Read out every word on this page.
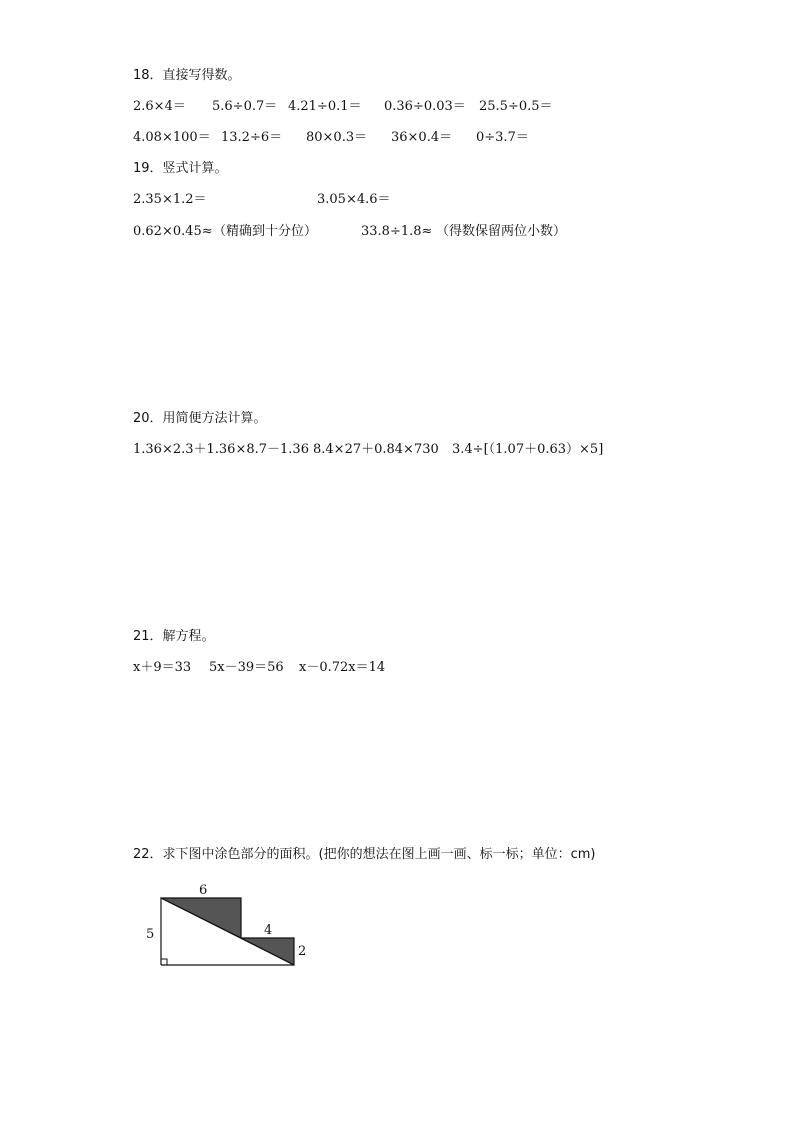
18．直接写得数。
2.6×4＝ 5.6÷0.7＝ 4.21÷0.1＝ 0.36÷0.03＝ 25.5÷0.5＝
4.08×100＝ 13.2÷6＝ 80×0.3＝ 36×0.4＝ 0÷3.7＝
19．竖式计算。
2.35×1.2＝	3.05×4.6＝
0.62×0.45≈ （精确到十分位）	33.8÷1.8≈ （得数保留两位小数）
20．用简便方法计算。
1.36×2.3＋1.36×8.7－1.36 8.4×27＋0.84×730 3.4÷[（1.07＋0.63）×5]
21．解方程。
x＋9＝33 5x－39＝56 x－0.72x＝14
22．求下图中涂色部分的面积。(把你的想法在图上画一画、标一标；单位：cm)
6
4
5
2
